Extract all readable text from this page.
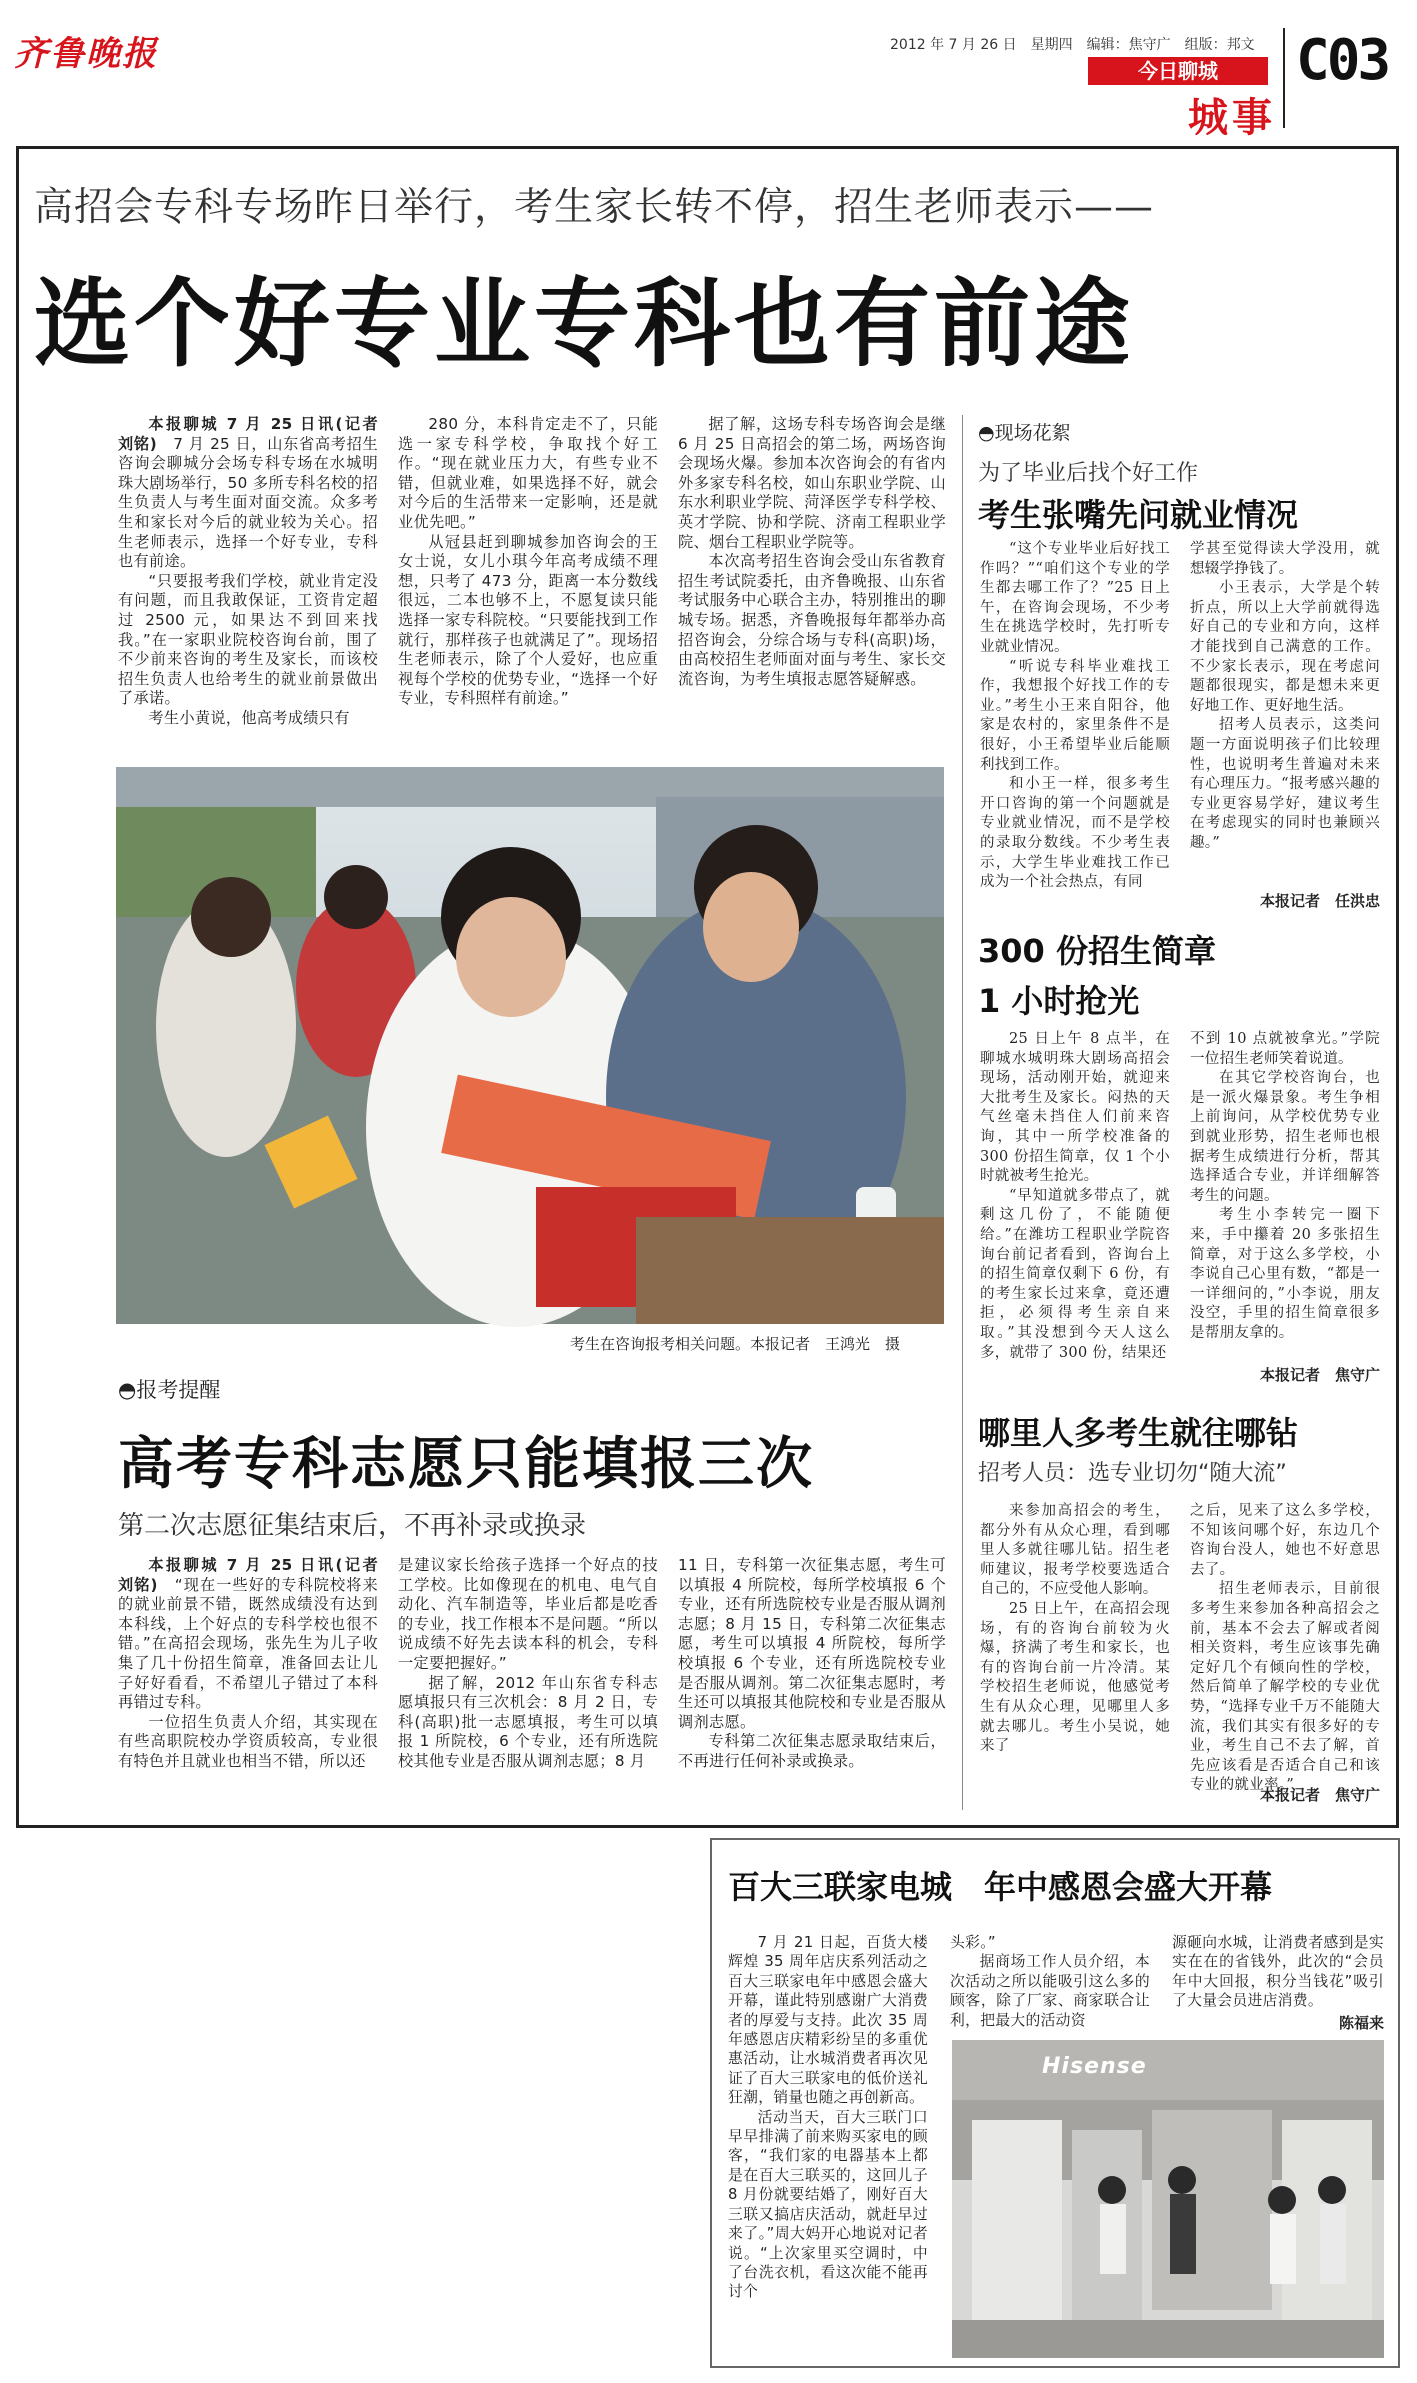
齐鲁晚报	2012 年 7 月 26 日　星期四　编辑：焦守广　组版：邦文
今日聊城
城事
C03
高招会专科专场昨日举行，考生家长转不停，招生老师表示——
选个好专业专科也有前途

本报聊城 7 月 25 日讯(记者　刘铭)　7 月 25 日，山东省高考招生咨询会聊城分会场专科专场在水城明珠大剧场举行，50 多所专科名校的招生负责人与考生面对面交流。众多考生和家长对今后的就业较为关心。招生老师表示，选择一个好专业，专科也有前途。

“只要报考我们学校，就业肯定没有问题，而且我敢保证，工资肯定超过 2500 元，如果达不到回来找我。”在一家职业院校咨询台前，围了不少前来咨询的考生及家长，而该校招生负责人也给考生的就业前景做出了承诺。

考生小黄说，他高考成绩只有

280 分，本科肯定走不了，只能选一家专科学校，争取找个好工作。“现在就业压力大，有些专业不错，但就业难，如果选择不好，就会对今后的生活带来一定影响，还是就业优先吧。”

从冠县赶到聊城参加咨询会的王女士说，女儿小琪今年高考成绩不理想，只考了 473 分，距离一本分数线很远，二本也够不上，不愿复读只能选择一家专科院校。“只要能找到工作就行，那样孩子也就满足了”。现场招生老师表示，除了个人爱好，也应重视每个学校的优势专业，“选择一个好专业，专科照样有前途。”

据了解，这场专科专场咨询会是继 6 月 25 日高招会的第二场，两场咨询会现场火爆。参加本次咨询会的有省内外多家专科名校，如山东职业学院、山东水利职业学院、菏泽医学专科学校、英才学院、协和学院、济南工程职业学院、烟台工程职业学院等。

本次高考招生咨询会受山东省教育招生考试院委托，由齐鲁晚报、山东省考试服务中心联合主办，特别推出的聊城专场。据悉，齐鲁晚报每年都举办高招咨询会，分综合场与专科(高职)场，由高校招生老师面对面与考生、家长交流咨询，为考生填报志愿答疑解惑。

考生在咨询报考相关问题。本报记者　王鸿光　摄
◓报考提醒
高考专科志愿只能填报三次
第二次志愿征集结束后，不再补录或换录

本报聊城 7 月 25 日讯(记者　刘铭)　“现在一些好的专科院校将来的就业前景不错，既然成绩没有达到本科线，上个好点的专科学校也很不错。”在高招会现场，张先生为儿子收集了几十份招生简章，准备回去让儿子好好看看，不希望儿子错过了本科再错过专科。

一位招生负责人介绍，其实现在有些高职院校办学资质较高，专业很有特色并且就业也相当不错，所以还

是建议家长给孩子选择一个好点的技工学校。比如像现在的机电、电气自动化、汽车制造等，毕业后都是吃香的专业，找工作根本不是问题。“所以说成绩不好先去读本科的机会，专科一定要把握好。”

据了解，2012 年山东省专科志愿填报只有三次机会：8 月 2 日，专科(高职)批一志愿填报，考生可以填报 1 所院校，6 个专业，还有所选院校其他专业是否服从调剂志愿；8 月

11 日，专科第一次征集志愿，考生可以填报 4 所院校，每所学校填报 6 个专业，还有所选院校专业是否服从调剂志愿；8 月 15 日，专科第二次征集志愿，考生可以填报 4 所院校，每所学校填报 6 个专业，还有所选院校专业是否服从调剂。第二次征集志愿时，考生还可以填报其他院校和专业是否服从调剂志愿。

专科第二次征集志愿录取结束后，不再进行任何补录或换录。

◓现场花絮
为了毕业后找个好工作
考生张嘴先问就业情况

“这个专业毕业后好找工作吗？”“咱们这个专业的学生都去哪工作了？”25 日上午，在咨询会现场，不少考生在挑选学校时，先打听专业就业情况。

“听说专科毕业难找工作，我想报个好找工作的专业。”考生小王来自阳谷，他家是农村的，家里条件不是很好，小王希望毕业后能顺利找到工作。

和小王一样，很多考生开口咨询的第一个问题就是专业就业情况，而不是学校的录取分数线。不少考生表示，大学生毕业难找工作已成为一个社会热点，有同

学甚至觉得读大学没用，就想辍学挣钱了。

小王表示，大学是个转折点，所以上大学前就得选好自己的专业和方向，这样才能找到自己满意的工作。不少家长表示，现在考虑问题都很现实，都是想未来更好地工作、更好地生活。

招考人员表示，这类问题一方面说明孩子们比较理性，也说明考生普遍对未来有心理压力。“报考感兴趣的专业更容易学好，建议考生在考虑现实的同时也兼顾兴趣。”

本报记者　任洪忠
300 份招生简章
1 小时抢光

25 日上午 8 点半，在聊城水城明珠大剧场高招会现场，活动刚开始，就迎来大批考生及家长。闷热的天气丝毫未挡住人们前来咨询，其中一所学校准备的 300 份招生简章，仅 1 个小时就被考生抢光。

“早知道就多带点了，就剩这几份了，不能随便给。”在潍坊工程职业学院咨询台前记者看到，咨询台上的招生简章仅剩下 6 份，有的考生家长过来拿，竟还遭拒，必须得考生亲自来取。”其没想到今天人这么多，就带了 300 份，结果还

不到 10 点就被拿光。”学院一位招生老师笑着说道。

在其它学校咨询台，也是一派火爆景象。考生争相上前询问，从学校优势专业到就业形势，招生老师也根据考生成绩进行分析，帮其选择适合专业，并详细解答考生的问题。

考生小李转完一圈下来，手中攥着 20 多张招生简章，对于这么多学校，小李说自己心里有数，“都是一一详细问的，”小李说，朋友没空，手里的招生简章很多是帮朋友拿的。

本报记者　焦守广
哪里人多考生就往哪钻
招考人员：选专业切勿“随大流”

来参加高招会的考生，都分外有从众心理，看到哪里人多就往哪儿钻。招生老师建议，报考学校要选适合自己的，不应受他人影响。

25 日上午，在高招会现场，有的咨询台前较为火爆，挤满了考生和家长，也有的咨询台前一片冷清。某学校招生老师说，他感觉考生有从众心理，见哪里人多就去哪儿。考生小吴说，她来了

之后，见来了这么多学校，不知该问哪个好，东边几个咨询台没人，她也不好意思去了。

招生老师表示，目前很多考生来参加各种高招会之前，基本不会去了解或者阅相关资料，考生应该事先确定好几个有倾向性的学校，然后简单了解学校的专业优势，“选择专业千万不能随大流，我们其实有很多好的专业，考生自己不去了解，首先应该看是否适合自己和该专业的就业率。”

本报记者　焦守广
百大三联家电城　年中感恩会盛大开幕

7 月 21 日起，百货大楼辉煌 35 周年店庆系列活动之百大三联家电年中感恩会盛大开幕，谨此特别感谢广大消费者的厚爱与支持。此次 35 周年感恩店庆精彩纷呈的多重优惠活动，让水城消费者再次见证了百大三联家电的低价送礼狂潮，销量也随之再创新高。

活动当天，百大三联门口早早排满了前来购买家电的顾客，“我们家的电器基本上都是在百大三联买的，这回儿子 8 月份就要结婚了，刚好百大三联又搞店庆活动，就赶早过来了。”周大妈开心地说对记者说。“上次家里买空调时，中了台洗衣机，看这次能不能再讨个

头彩。”

据商场工作人员介绍，本次活动之所以能吸引这么多的顾客，除了厂家、商家联合让利，把最大的活动资

源砸向水城，让消费者感到是实实在在的省钱外，此次的“会员年中大回报，积分当钱花”吸引了大量会员进店消费。

陈福来
Hisense
